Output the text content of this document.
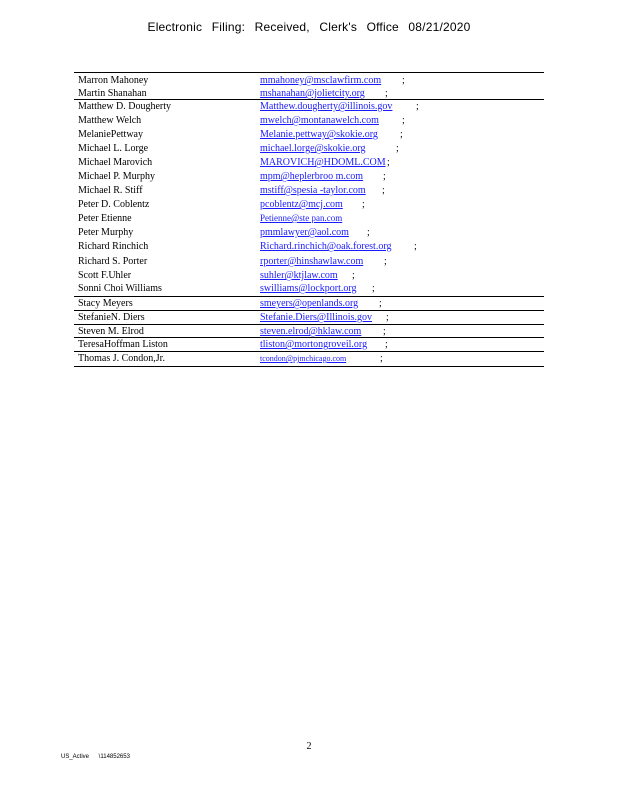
Electronic Filing: Received, Clerk's Office 08/21/2020
Marron Mahoney	mmahoney@msclawfirm.com ;
Martin Shanahan	mshanahan@jolietcity.org ;
Matthew D. Dougherty	Matthew.dougherty@illinois.gov ;
Matthew Welch	mwelch@montanawelch.com ;
MelaniePettway	Melanie.pettway@skokie.org ;
Michael L. Lorge	michael.lorge@skokie.org	;
Michael Marovich	MAROVICH@HDOML.COM ;
Michael P. Murphy	mpm@heplerbroo m.com ;
Michael R. Stiff	mstiff@spesia -taylor.com ;
Peter D. Coblentz	pcoblentz@mcj.com ;
Peter Etienne	Petienne@ste pan.com
Peter Murphy	pmmlawyer@aol.com ;
Richard Rinchich	Richard.rinchich@oak.forest.org ;
Richard S. Porter	rporter@hinshawlaw.com ;
Scott F.Uhler	suhler@ktjlaw.com ;
Sonni Choi Williams	swilliams@lockport.org ;
Stacy Meyers	smeyers@openlands.org ;
StefanieN. Diers	Stefanie.Diers@Illinois.gov ;
Steven M. Elrod	steven.elrod@hklaw.com ;
TeresaHoffman Liston	tliston@mortongroveil.org ;
Thomas J. Condon,Jr.	tcondon@pjmchicago.com	;
2
US_Active \114852653
